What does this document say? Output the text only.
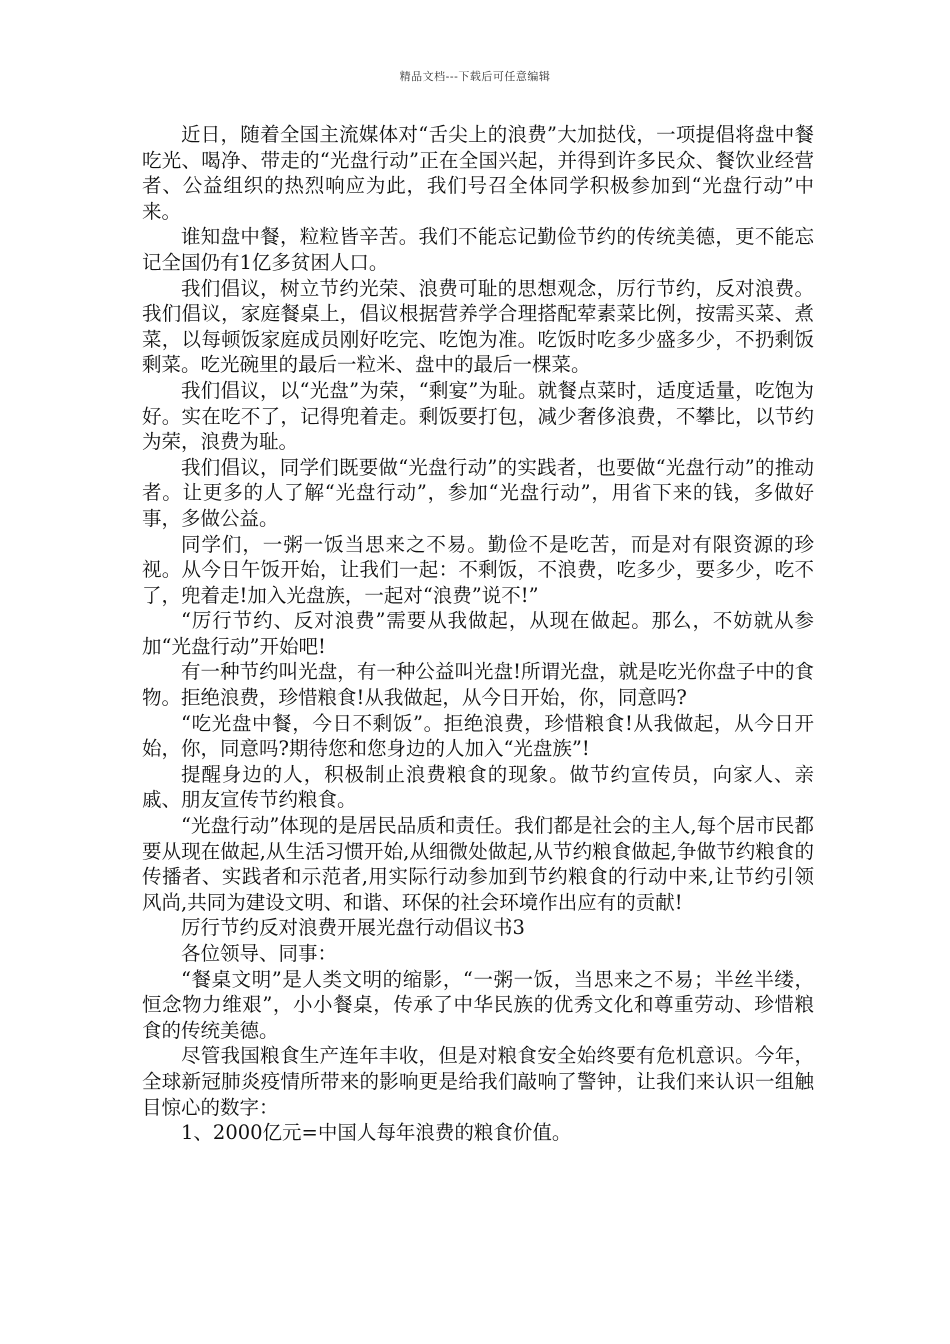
精品文档---下载后可任意编辑

近日，随着全国主流媒体对“舌尖上的浪费”大加挞伐，一项提倡将盘中餐吃光、喝净、带走的“光盘行动”正在全国兴起，并得到许多民众、餐饮业经营者、公益组织的热烈响应为此，我们号召全体同学积极参加到“光盘行动”中来。

谁知盘中餐，粒粒皆辛苦。我们不能忘记勤俭节约的传统美德，更不能忘记全国仍有1亿多贫困人口。

我们倡议，树立节约光荣、浪费可耻的思想观念，厉行节约，反对浪费。我们倡议，家庭餐桌上，倡议根据营养学合理搭配荤素菜比例，按需买菜、煮菜，以每顿饭家庭成员刚好吃完、吃饱为准。吃饭时吃多少盛多少，不扔剩饭剩菜。吃光碗里的最后一粒米、盘中的最后一棵菜。

我们倡议，以“光盘”为荣，“剩宴”为耻。就餐点菜时，适度适量，吃饱为好。实在吃不了，记得兜着走。剩饭要打包，减少奢侈浪费，不攀比，以节约为荣，浪费为耻。

我们倡议，同学们既要做“光盘行动”的实践者，也要做“光盘行动”的推动者。让更多的人了解“光盘行动”，参加“光盘行动”，用省下来的钱，多做好事，多做公益。

同学们，一粥一饭当思来之不易。勤俭不是吃苦，而是对有限资源的珍视。从今日午饭开始，让我们一起：不剩饭，不浪费，吃多少，要多少，吃不了，兜着走!加入光盘族，一起对“浪费”说不!”

“厉行节约、反对浪费”需要从我做起，从现在做起。那么，不妨就从参加“光盘行动”开始吧!

有一种节约叫光盘，有一种公益叫光盘!所谓光盘，就是吃光你盘子中的食物。拒绝浪费，珍惜粮食!从我做起，从今日开始，你，同意吗?

“吃光盘中餐，今日不剩饭”。拒绝浪费，珍惜粮食!从我做起，从今日开始，你，同意吗?期待您和您身边的人加入“光盘族”!

提醒身边的人，积极制止浪费粮食的现象。做节约宣传员，向家人、亲戚、朋友宣传节约粮食。

“光盘行动”体现的是居民品质和责任。我们都是社会的主人,每个居市民都要从现在做起,从生活习惯开始,从细微处做起,从节约粮食做起,争做节约粮食的传播者、实践者和示范者,用实际行动参加到节约粮食的行动中来,让节约引领风尚,共同为建设文明、和谐、环保的社会环境作出应有的贡献!

厉行节约反对浪费开展光盘行动倡议书3

各位领导、同事：

“餐桌文明”是人类文明的缩影，“一粥一饭，当思来之不易；半丝半缕，恒念物力维艰”，小小餐桌，传承了中华民族的优秀文化和尊重劳动、珍惜粮食的传统美德。

尽管我国粮食生产连年丰收，但是对粮食安全始终要有危机意识。今年，全球新冠肺炎疫情所带来的影响更是给我们敲响了警钟，让我们来认识一组触目惊心的数字：

1、2000亿元=中国人每年浪费的粮食价值。
